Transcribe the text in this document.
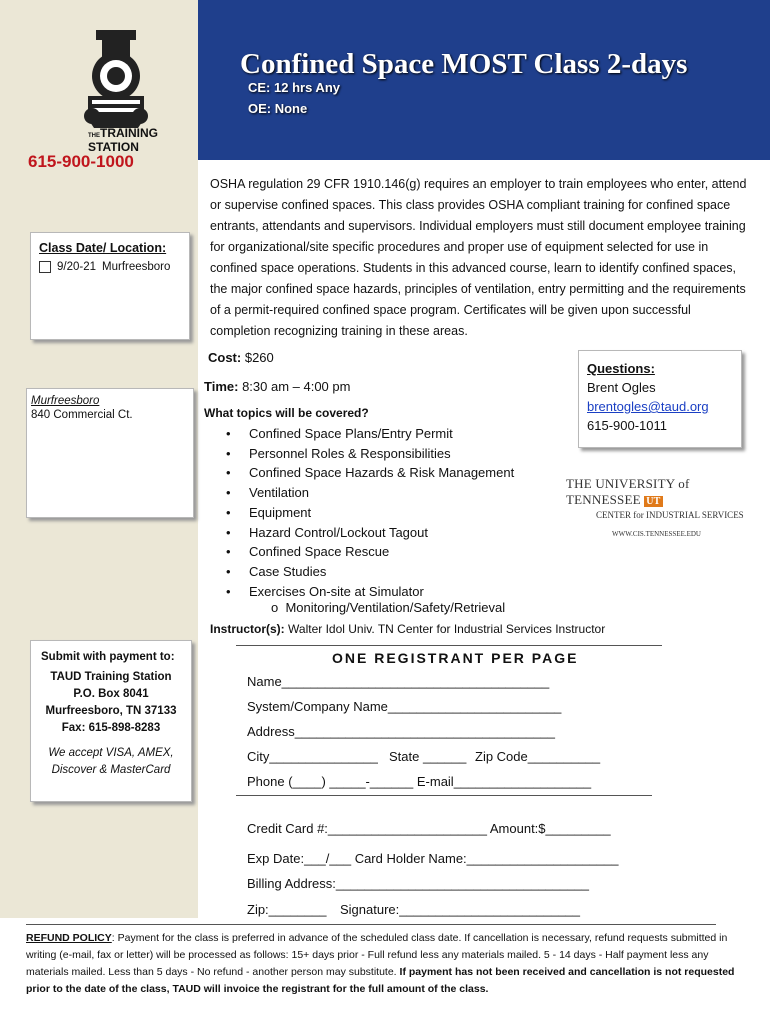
THETRAINING
STATION
615-900-1000
Confined Space MOST Class 2-days
CE: 12 hrs Any
OE: None
OSHA regulation 29 CFR 1910.146(g) requires an employer to train employees who enter, attend or supervise confined spaces. This class provides OSHA compliant training for confined space entrants, attendants and supervisors. Individual employers must still document employee training for organizational/site specific procedures and proper use of equipment selected for use in confined space operations. Students in this advanced course, learn to identify confined spaces, the major confined space hazards, principles of ventilation, entry permitting and the requirements of a permit-required confined space program. Certificates will be given upon successful completion recognizing training in these areas.
Class Date/ Location:
9/20-21 Murfreesboro
Murfreesboro
840 Commercial Ct.
Cost: $260
Time: 8:30 am – 4:00 pm
What topics will be covered?
• Confined Space Plans/Entry Permit
• Personnel Roles & Responsibilities
• Confined Space Hazards & Risk Management
• Ventilation
• Equipment
• Hazard Control/Lockout Tagout
• Confined Space Rescue
• Case Studies
• Exercises On-site at Simulator
o Monitoring/Ventilation/Safety/Retrieval
Instructor(s): Walter Idol Univ. TN Center for Industrial Services Instructor
Questions:
Brent Ogles
brentogles@taud.org
615-900-1011
THE UNIVERSITY of TENNESSEE UT
CENTER for INDUSTRIAL SERVICES
WWW.CIS.TENNESSEE.EDU
Submit with payment to:
TAUD Training Station
P.O. Box 8041
Murfreesboro, TN 37133
Fax: 615-898-8283
We accept VISA, AMEX,
Discover & MasterCard
ONE REGISTRANT PER PAGE
Name_____________________________________
System/Company Name________________________
Address____________________________________
City_______________ State ______ Zip Code__________
Phone (____) _____-______ E-mail___________________
Credit Card #:______________________ Amount:$_________
Exp Date:___/___ Card Holder Name:_____________________
Billing Address:___________________________________
Zip:________ Signature:_________________________
REFUND POLICY: Payment for the class is preferred in advance of the scheduled class date. If cancellation is necessary, refund requests submitted in writing (e-mail, fax or letter) will be processed as follows: 15+ days prior - Full refund less any materials mailed. 5 - 14 days - Half payment less any materials mailed. Less than 5 days - No refund - another person may substitute. If payment has not been received and cancellation is not requested prior to the date of the class, TAUD will invoice the registrant for the full amount of the class.
